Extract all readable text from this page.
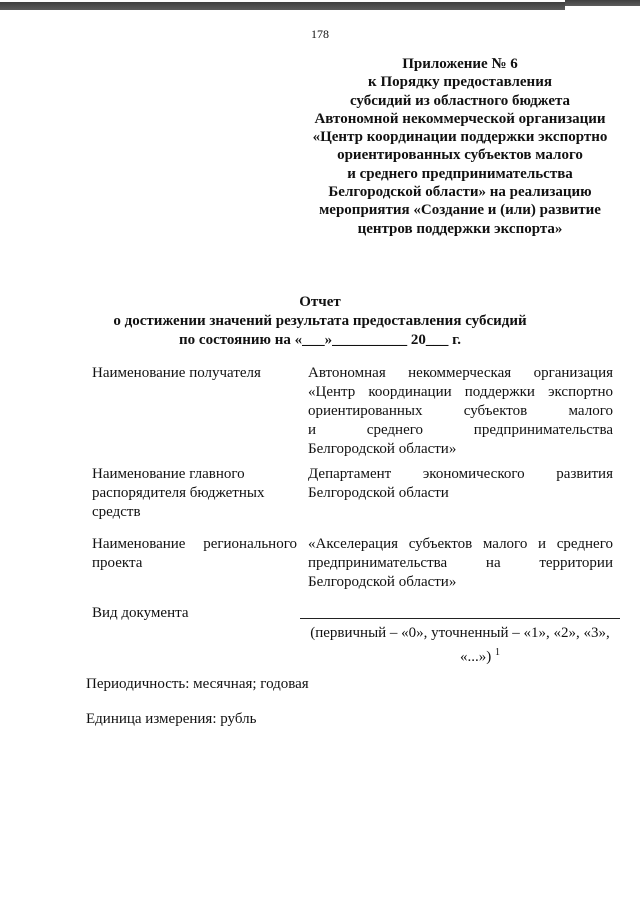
178
Приложение № 6
к Порядку предоставления
субсидий из областного бюджета
Автономной некоммерческой организации
«Центр координации поддержки экспортно
ориентированных субъектов малого
и среднего предпринимательства
Белгородской области» на реализацию
мероприятия «Создание и (или) развитие
центров поддержки экспорта»
Отчет
о достижении значений результата предоставления субсидий
по состоянию на «___»__________ 20___ г.
Наименование получателя	Автономная некоммерческая организация
«Центр координации поддержки экспортно
ориентированных субъектов малого
и среднего предпринимательства
Белгородской области»
Наименование главного
распорядителя бюджетных
средств
Департамент экономического развития
Белгородской области
Наименование регионального
проекта
«Акселерация субъектов малого и среднего
предпринимательства на территории
Белгородской области»
Вид документа
(первичный – «0», уточненный – «1», «2», «3»,
«...») $^1$
Периодичность: месячная; годовая
Единица измерения: рубль
